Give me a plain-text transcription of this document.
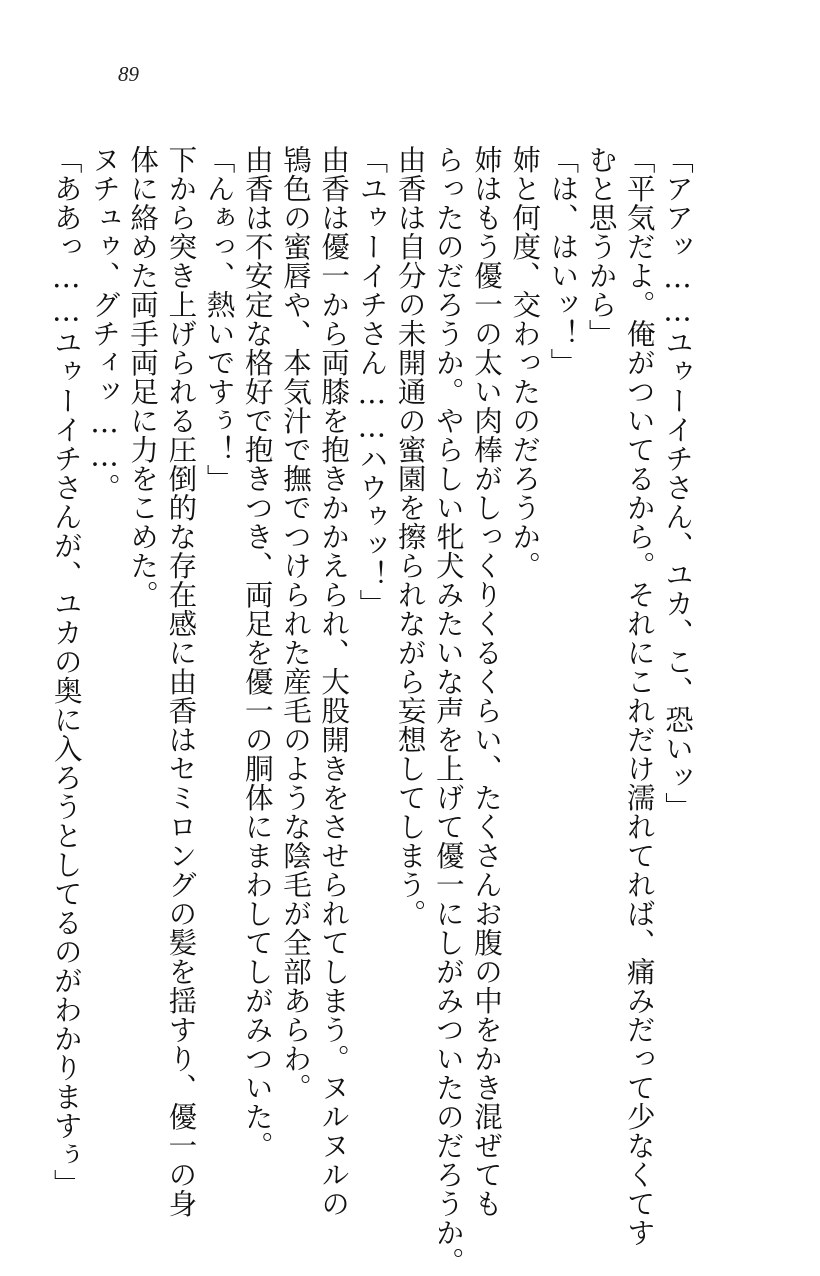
89

「アアッ……ユゥーイチさん、ユカ、こ、恐いッ」
「平気だよ。俺がついてるから。それにこれだけ濡れてれば、痛みだって少なくてす
むと思うから」
「は、はいッ！」
姉と何度、交わったのだろうか。
姉はもう優一の太い肉棒がしっくりくるくらい、たくさんお腹の中をかき混ぜても
らったのだろうか。やらしい牝犬みたいな声を上げて優一にしがみついたのだろうか。
由香は自分の未開通の蜜園を擦られながら妄想してしまう。
「ユゥーイチさん……ハウゥッ！」
由香は優一から両膝を抱きかかえられ、大股開きをさせられてしまう。ヌルヌルの
鴇色の蜜唇や、本気汁で撫でつけられた産毛のような陰毛が全部あらわ。
由香は不安定な格好で抱きつき、両足を優一の胴体にまわしてしがみついた。
「んぁっ、熱いですぅ！」
下から突き上げられる圧倒的な存在感に由香はセミロングの髪を揺すり、優一の身
体に絡めた両手両足に力をこめた。
ヌチュゥ、グチィッ……。
「ああっ……ユゥーイチさんが、ユカの奥に入ろうとしてるのがわかりますぅ」
